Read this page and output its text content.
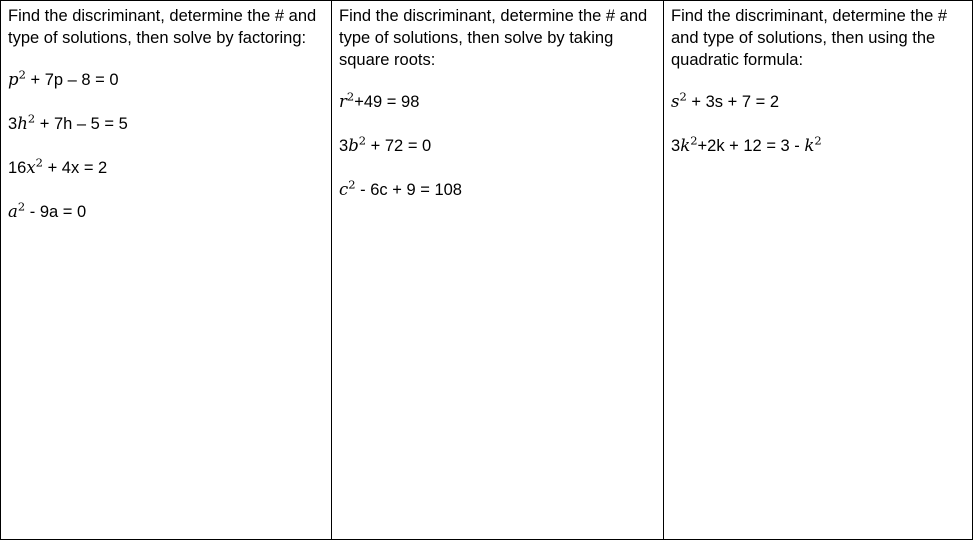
Find the discriminant, determine the # and type of solutions, then solve by factoring:

$p^2 + 7p - 8 = 0$
$3h^2 + 7h - 5 = 5$
$16x^2 + 4x = 2$
$a^2 - 9a = 0$

Find the discriminant, determine the # and type of solutions, then solve by taking square roots:

$r^2+49 = 98$
$3b^2 + 72 = 0$
$c^2 - 6c + 9 = 108$

Find the discriminant, determine the # and type of solutions, then using the quadratic formula:

$s^2 + 3s + 7 = 2$
$3k^2+2k + 12 = 3 - k^2$
